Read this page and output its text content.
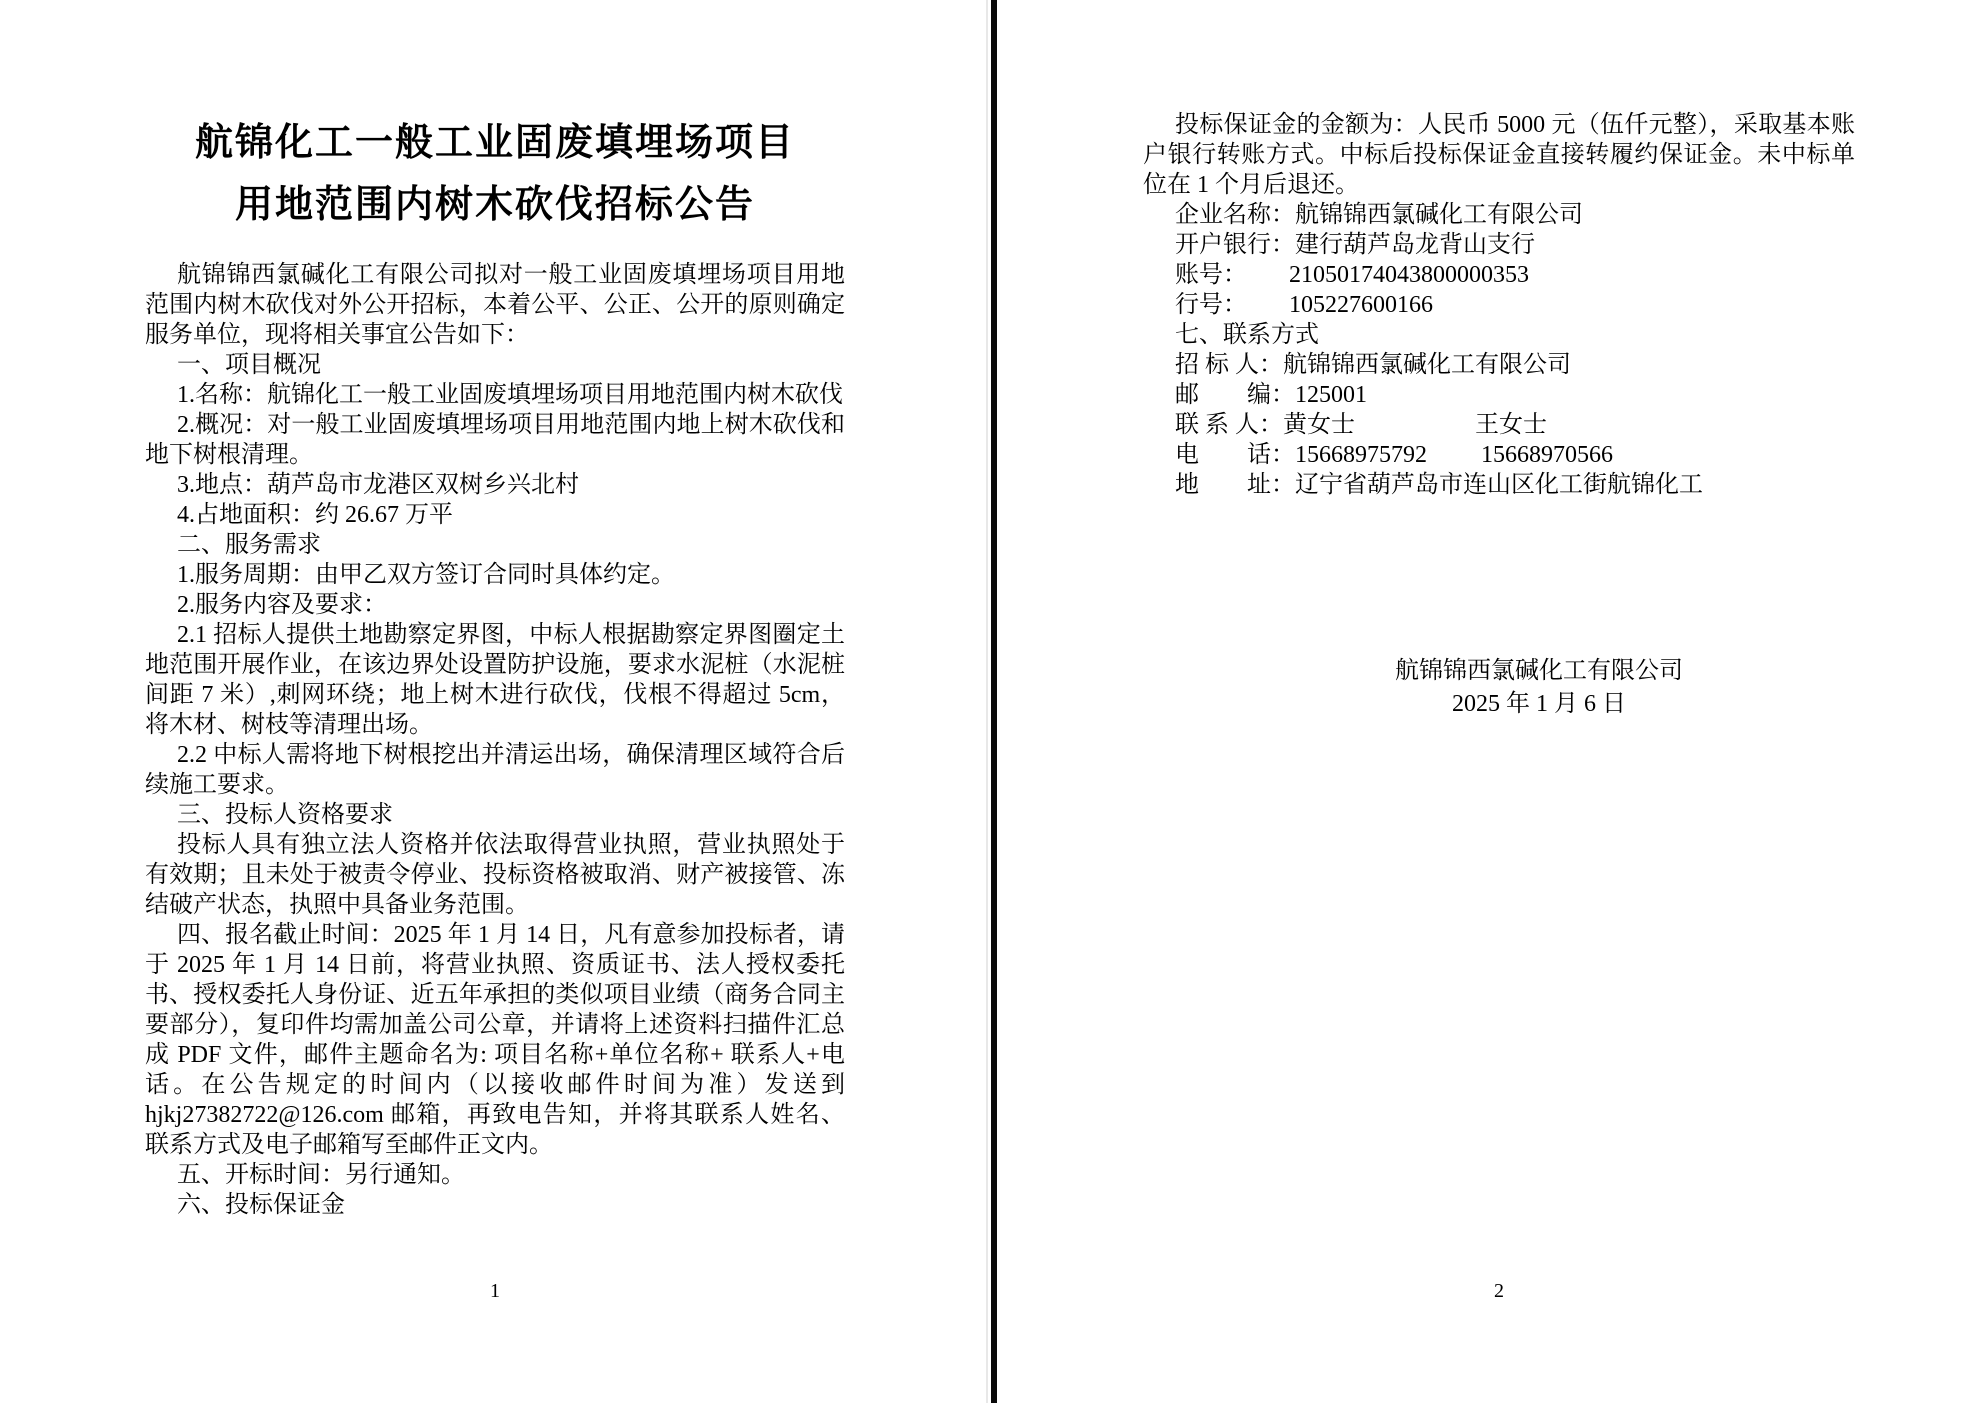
航锦化工一般工业固废填埋场项目
用地范围内树木砍伐招标公告

航锦锦西氯碱化工有限公司拟对一般工业固废填埋场项目用地范围内树木砍伐对外公开招标，本着公平、公正、公开的原则确定服务单位，现将相关事宜公告如下：

一、项目概况

1.名称：航锦化工一般工业固废填埋场项目用地范围内树木砍伐

2.概况：对一般工业固废填埋场项目用地范围内地上树木砍伐和地下树根清理。

3.地点：葫芦岛市龙港区双树乡兴北村

4.占地面积：约 26.67 万平

二、服务需求

1.服务周期：由甲乙双方签订合同时具体约定。

2.服务内容及要求：

2.1 招标人提供土地勘察定界图，中标人根据勘察定界图圈定土地范围开展作业，在该边界处设置防护设施，要求水泥桩（水泥桩间距 7 米）,刺网环绕；地上树木进行砍伐，伐根不得超过 5cm，将木材、树枝等清理出场。

2.2 中标人需将地下树根挖出并清运出场，确保清理区域符合后续施工要求。

三、投标人资格要求

投标人具有独立法人资格并依法取得营业执照，营业执照处于有效期；且未处于被责令停业、投标资格被取消、财产被接管、冻结破产状态，执照中具备业务范围。

四、报名截止时间：2025 年 1 月 14 日，凡有意参加投标者，请于 2025 年 1 月 14 日前，将营业执照、资质证书、法人授权委托书、授权委托人身份证、近五年承担的类似项目业绩（商务合同主要部分），复印件均需加盖公司公章，并请将上述资料扫描件汇总成 PDF 文件，邮件主题命名为: 项目名称+单位名称+ 联系人+电话。在公告规定的时间内（以接收邮件时间为准）发送到 hjkj27382722@126.com 邮箱，再致电告知，并将其联系人姓名、联系方式及电子邮箱写至邮件正文内。

五、开标时间：另行通知。

六、投标保证金

1

投标保证金的金额为：人民币 5000 元（伍仟元整），采取基本账户银行转账方式。中标后投标保证金直接转履约保证金。未中标单位在 1 个月后退还。

企业名称：航锦锦西氯碱化工有限公司

开户银行：建行葫芦岛龙背山支行

账号：　　 21050174043800000353

行号：　　 105227600166

七、联系方式

招 标 人：航锦锦西氯碱化工有限公司

邮　　编：125001

联 系 人：黄女士　　　　　王女士

电　　话：15668975792　　 15668970566

地　　址：辽宁省葫芦岛市连山区化工街航锦化工

航锦锦西氯碱化工有限公司

2025 年 1 月 6 日

2
